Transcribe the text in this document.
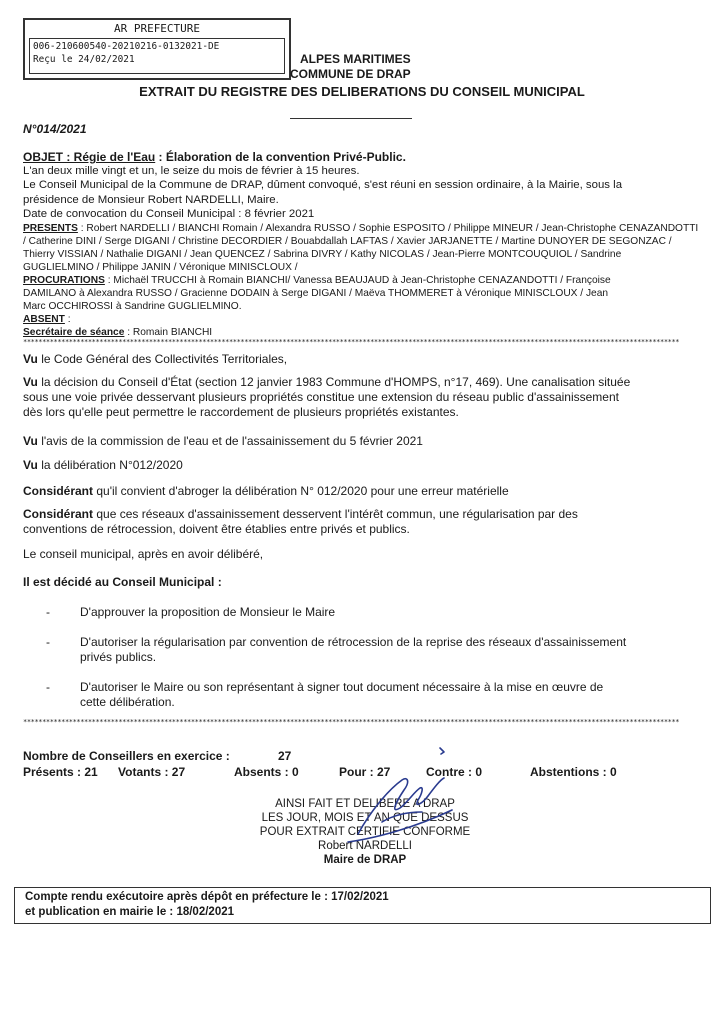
AR PREFECTURE
006-210600540-20210216-0132021-DE
Reçu le 24/02/2021	ALPES MARITIMES
COMMUNE DE DRAP
EXTRAIT DU REGISTRE DES DELIBERATIONS DU CONSEIL MUNICIPAL
N°014/2021
OBJET : Régie de l'Eau : Élaboration de la convention Privé-Public.
L'an deux mille vingt et un, le seize du mois de février à 15 heures.
Le Conseil Municipal de la Commune de DRAP, dûment convoqué, s'est réuni en session ordinaire, à la Mairie, sous la
présidence de Monsieur Robert NARDELLI, Maire.
Date de convocation du Conseil Municipal : 8 février 2021
PRESENTS : Robert NARDELLI / BIANCHI Romain / Alexandra RUSSO / Sophie ESPOSITO / Philippe MINEUR / Jean-Christophe CENAZANDOTTI
/ Catherine DINI / Serge DIGANI / Christine DECORDIER / Bouabdallah LAFTAS / Xavier JARJANETTE / Martine DUNOYER DE SEGONZAC /
Thierry VISSIAN / Nathalie DIGANI / Jean QUENCEZ / Sabrina DIVRY / Kathy NICOLAS / Jean-Pierre MONTCOUQUIOL / Sandrine
GUGLIELMINO / Philippe JANIN / Véronique MINISCLOUX /
PROCURATIONS : Michaël TRUCCHI à Romain BIANCHI/ Vanessa BEAUJAUD à Jean-Christophe CENAZANDOTTI / Françoise
DAMILANO à Alexandra RUSSO / Gracienne DODAIN à Serge DIGANI / Maëva THOMMERET à Véronique MINISCLOUX / Jean
Marc OCCHIROSSI à Sandrine GUGLIELMINO.
ABSENT :
Secrétaire de séance : Romain BIANCHI
****************************************************************************************************************************************************************************
Vu le Code Général des Collectivités Territoriales,
Vu la décision du Conseil d'État (section 12 janvier 1983 Commune d'HOMPS, n°17, 469). Une canalisation située
sous une voie privée desservant plusieurs propriétés constitue une extension du réseau public d'assainissement
dès lors qu'elle peut permettre le raccordement de plusieurs propriétés existantes.
Vu l'avis de la commission de l'eau et de l'assainissement du 5 février 2021
Vu la délibération N°012/2020
Considérant qu'il convient d'abroger la délibération N° 012/2020 pour une erreur matérielle
Considérant que ces réseaux d'assainissement desservent l'intérêt commun, une régularisation par des
conventions de rétrocession, doivent être établies entre privés et publics.
Le conseil municipal, après en avoir délibéré,
Il est décidé au Conseil Municipal :
-	D'approuver la proposition de Monsieur le Maire
-	D'autoriser la régularisation par convention de rétrocession de la reprise des réseaux d'assainissement
privés publics.
-	D'autoriser le Maire ou son représentant à signer tout document nécessaire à la mise en œuvre de
cette délibération.
****************************************************************************************************************************************************************************
Nombre de Conseillers en exercice :	27
Présents : 21 Votants : 27	Absents : 0	Pour : 27	Contre : 0	Abstentions : 0
AINSI FAIT ET DELIBERE A DRAP
LES JOUR, MOIS ET AN QUE DESSUS
POUR EXTRAIT CERTIFIE CONFORME
Robert NARDELLI
Maire de DRAP
Compte rendu exécutoire après dépôt en préfecture le : 17/02/2021
et publication en mairie le : 18/02/2021
